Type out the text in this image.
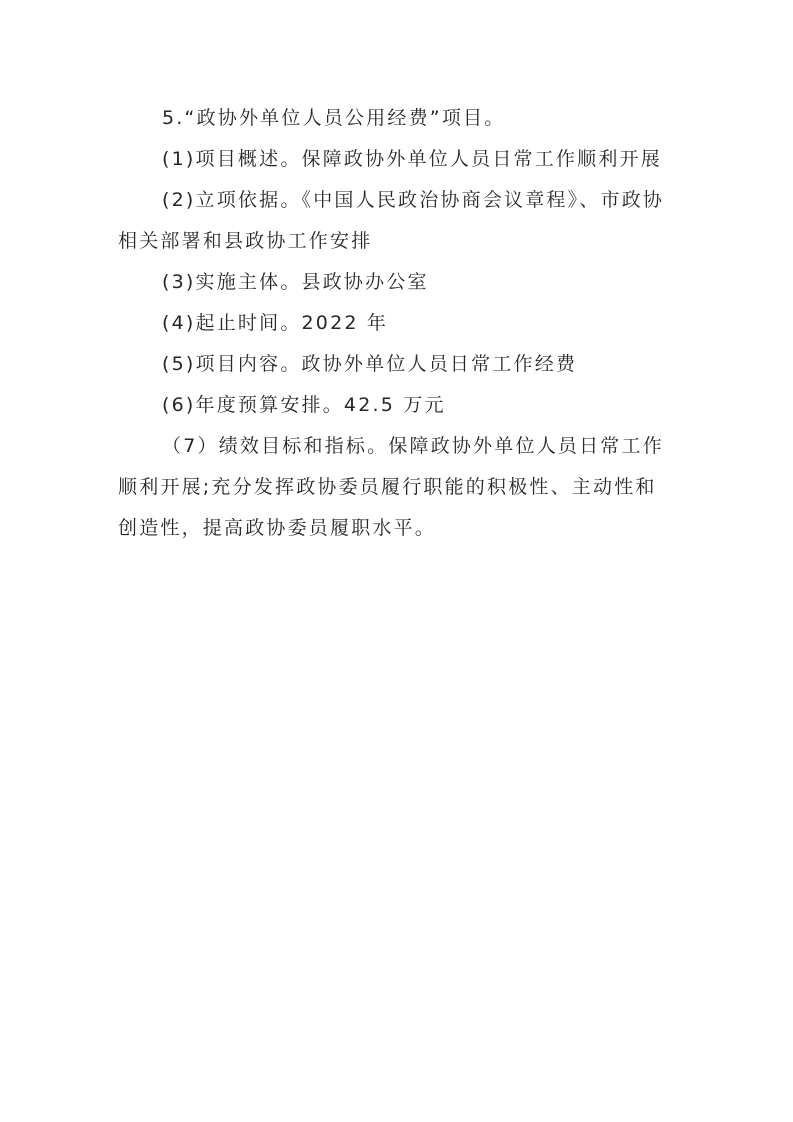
5.“政协外单位人员公用经费”项目。

(1)项目概述。保障政协外单位人员日常工作顺利开展

(2)立项依据。《中国人民政治协商会议章程》、市政协相关部署和县政协工作安排

(3)实施主体。县政协办公室

(4)起止时间。2022 年

(5)项目内容。政协外单位人员日常工作经费

(6)年度预算安排。42.5 万元

（7）绩效目标和指标。保障政协外单位人员日常工作顺利开展;充分发挥政协委员履行职能的积极性、主动性和创造性，提高政协委员履职水平。
